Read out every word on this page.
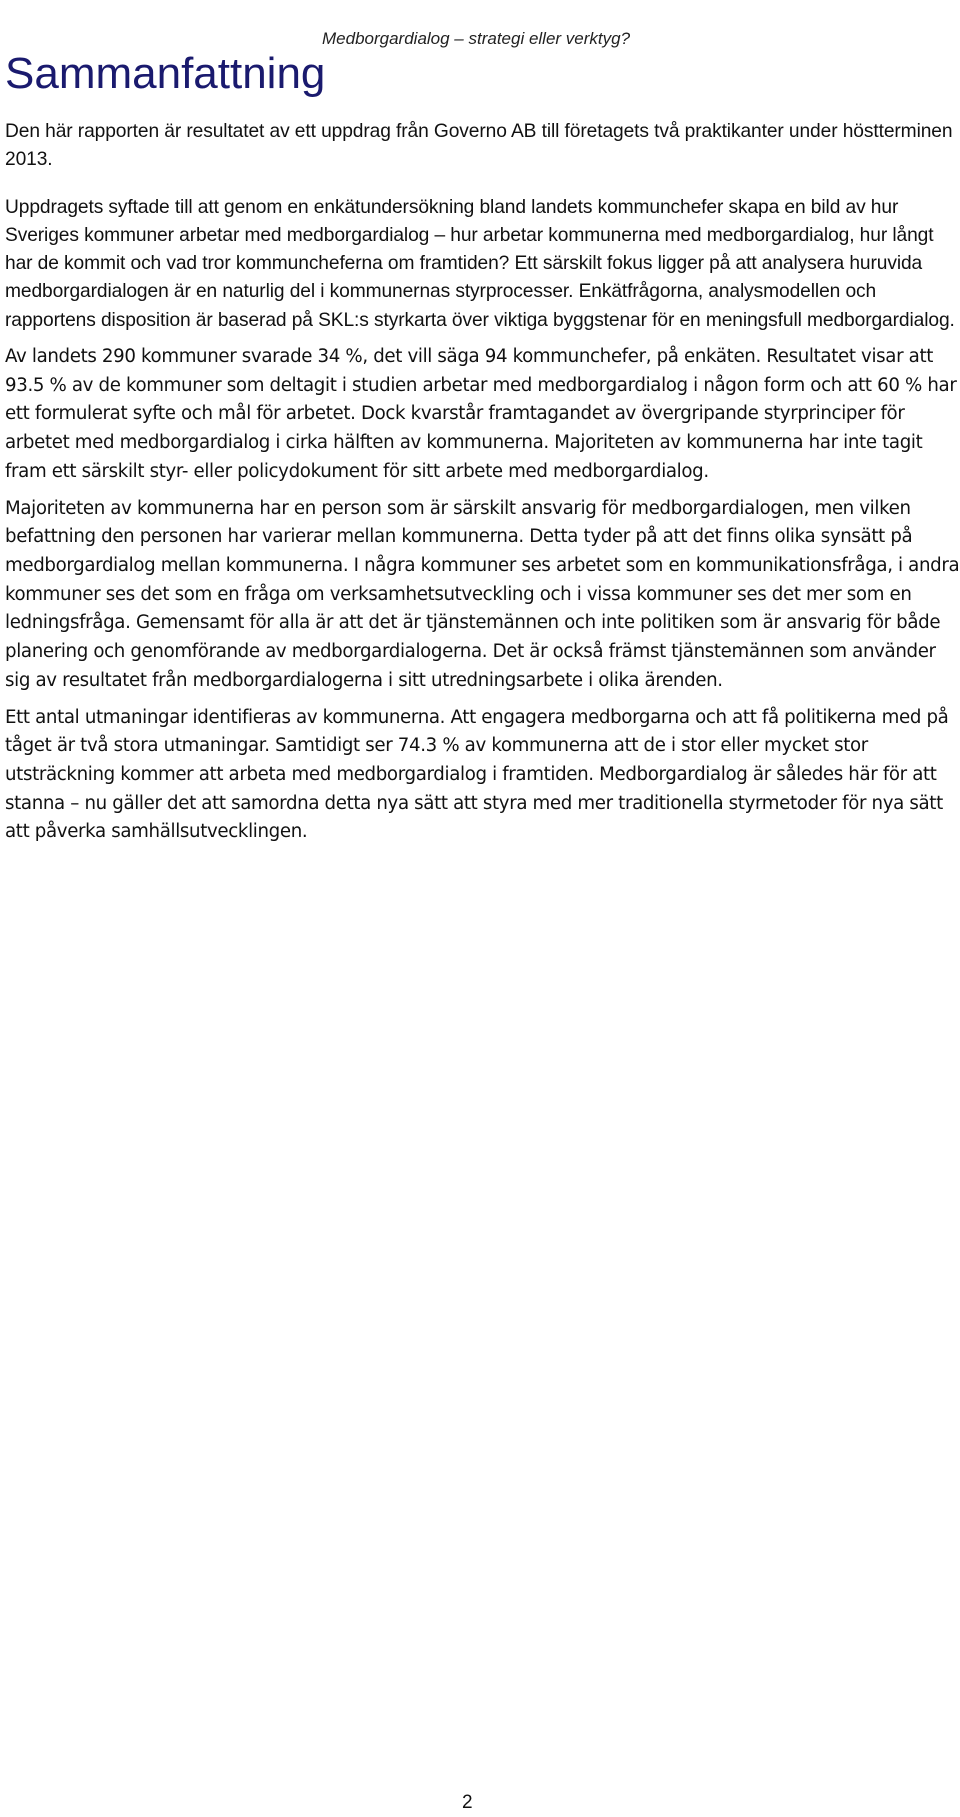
Medborgardialog – strategi eller verktyg?
Sammanfattning

Den här rapporten är resultatet av ett uppdrag från Governo AB till företagets två praktikanter under höstterminen 2013.

Uppdragets syftade till att genom en enkätundersökning bland landets kommunchefer skapa en bild av hur Sveriges kommuner arbetar med medborgardialog – hur arbetar kommunerna med medborgardialog, hur långt har de kommit och vad tror kommuncheferna om framtiden? Ett särskilt fokus ligger på att analysera huruvida medborgardialogen är en naturlig del i kommunernas styrprocesser. Enkätfrågorna, analysmodellen och rapportens disposition är baserad på SKL:s styrkarta över viktiga byggstenar för en meningsfull medborgardialog.

Av landets 290 kommuner svarade 34 %, det vill säga 94 kommunchefer, på enkäten. Resultatet visar att 93.5 % av de kommuner som deltagit i studien arbetar med medborgardialog i någon form och att 60 % har ett formulerat syfte och mål för arbetet. Dock kvarstår framtagandet av övergripande styrprinciper för arbetet med medborgardialog i cirka hälften av kommunerna. Majoriteten av kommunerna har inte tagit fram ett särskilt styr- eller policydokument för sitt arbete med medborgardialog.

Majoriteten av kommunerna har en person som är särskilt ansvarig för medborgardialogen, men vilken befattning den personen har varierar mellan kommunerna. Detta tyder på att det finns olika synsätt på medborgardialog mellan kommunerna. I några kommuner ses arbetet som en kommunikationsfråga, i andra kommuner ses det som en fråga om verksamhetsutveckling och i vissa kommuner ses det mer som en ledningsfråga. Gemensamt för alla är att det är tjänstemännen och inte politiken som är ansvarig för både planering och genomförande av medborgardialogerna. Det är också främst tjänstemännen som använder sig av resultatet från medborgardialogerna i sitt utredningsarbete i olika ärenden.

Ett antal utmaningar identifieras av kommunerna. Att engagera medborgarna och att få politikerna med på tåget är två stora utmaningar. Samtidigt ser 74.3 % av kommunerna att de i stor eller mycket stor utsträckning kommer att arbeta med medborgardialog i framtiden. Medborgardialog är således här för att stanna – nu gäller det att samordna detta nya sätt att styra med mer traditionella styrmetoder för nya sätt att påverka samhällsutvecklingen.

2
